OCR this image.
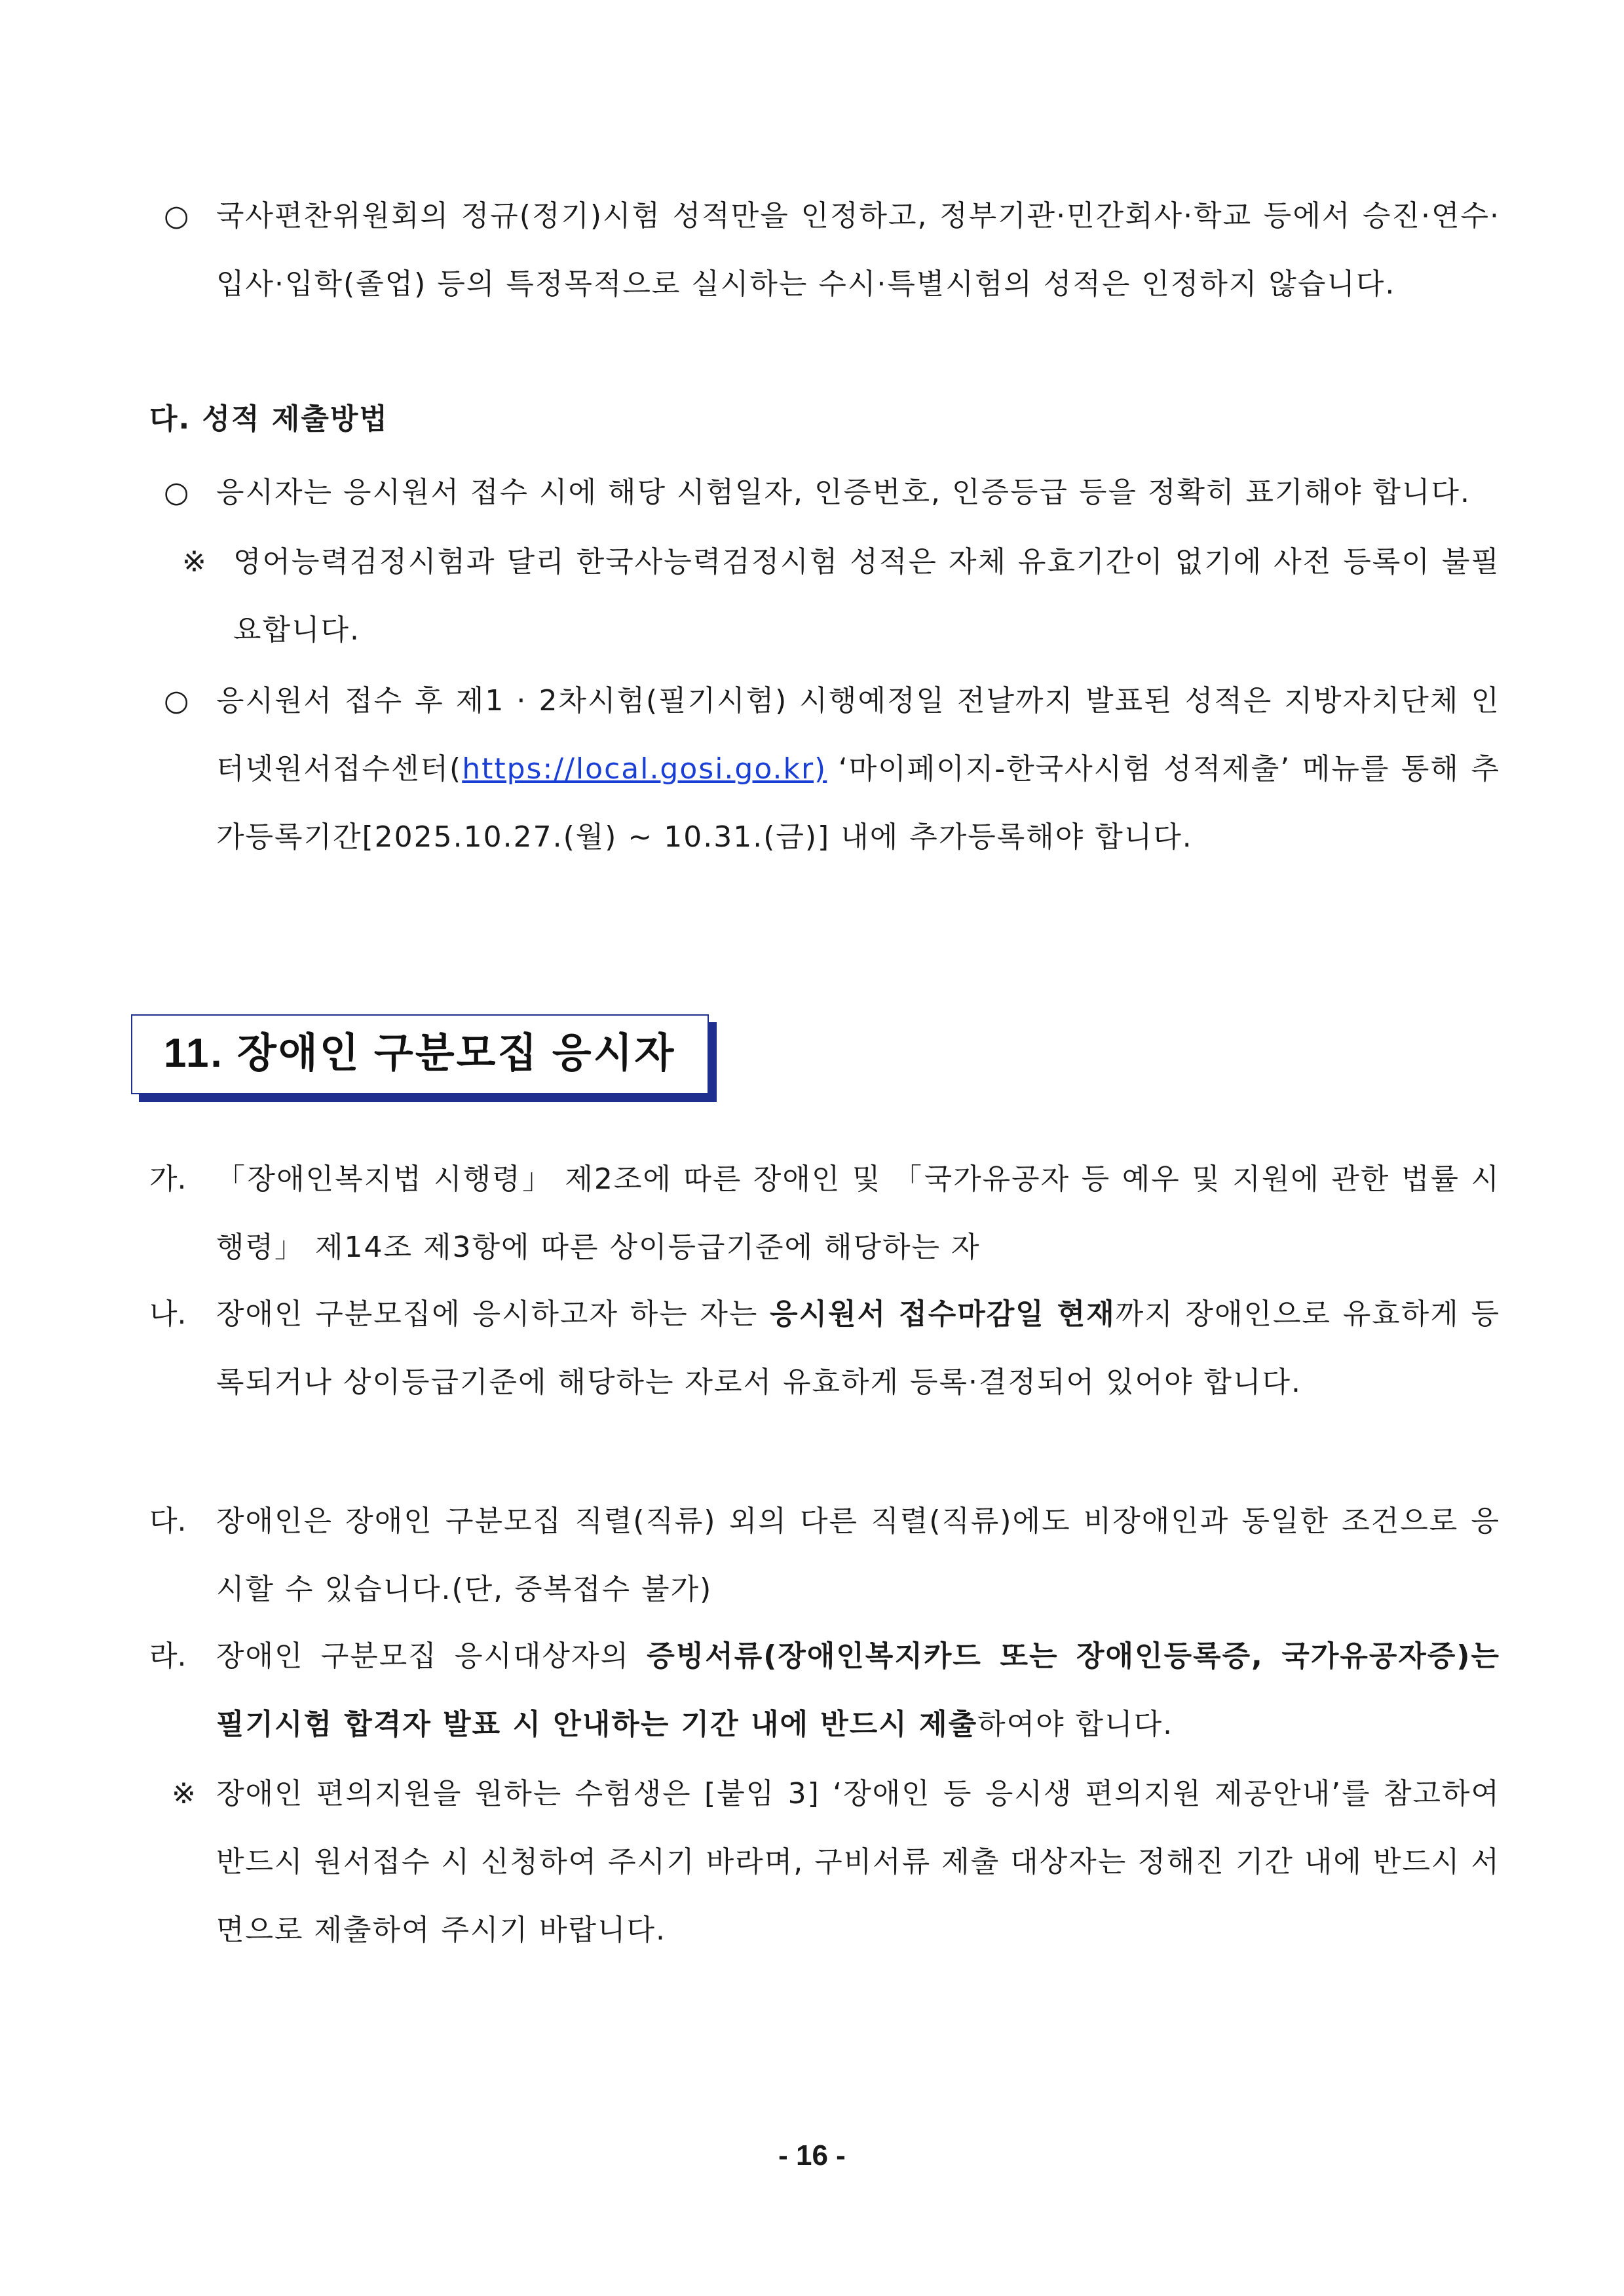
○ 국사편찬위원회의 정규(정기)시험 성적만을 인정하고, 정부기관·민간회사·학교 등에서 승진·연수·입사·입학(졸업) 등의 특정목적으로 실시하는 수시·특별시험의 성적은 인정하지 않습니다.
다. 성적 제출방법
○ 응시자는 응시원서 접수 시에 해당 시험일자, 인증번호, 인증등급 등을 정확히 표기해야 합니다.
※ 영어능력검정시험과 달리 한국사능력검정시험 성적은 자체 유효기간이 없기에 사전 등록이 불필요합니다.
○ 응시원서 접수 후 제1 · 2차시험(필기시험) 시행예정일 전날까지 발표된 성적은 지방자치단체 인터넷원서접수센터(https://local.gosi.go.kr) ‘마이페이지-한국사시험 성적제출’ 메뉴를 통해 추가등록기간[2025.10.27.(월) ~ 10.31.(금)] 내에 추가등록해야 합니다.
11. 장애인 구분모집 응시자
가. 「장애인복지법 시행령」 제2조에 따른 장애인 및 「국가유공자 등 예우 및 지원에 관한 법률 시행령」 제14조 제3항에 따른 상이등급기준에 해당하는 자
나. 장애인 구분모집에 응시하고자 하는 자는 응시원서 접수마감일 현재까지 장애인으로 유효하게 등록되거나 상이등급기준에 해당하는 자로서 유효하게 등록·결정되어 있어야 합니다.
다. 장애인은 장애인 구분모집 직렬(직류) 외의 다른 직렬(직류)에도 비장애인과 동일한 조건으로 응시할 수 있습니다.(단, 중복접수 불가)
라. 장애인 구분모집 응시대상자의 증빙서류(장애인복지카드 또는 장애인등록증, 국가유공자증)는 필기시험 합격자 발표 시 안내하는 기간 내에 반드시 제출하여야 합니다.
※ 장애인 편의지원을 원하는 수험생은 [붙임 3] ‘장애인 등 응시생 편의지원 제공안내’를 참고하여 반드시 원서접수 시 신청하여 주시기 바라며, 구비서류 제출 대상자는 정해진 기간 내에 반드시 서면으로 제출하여 주시기 바랍니다.
- 16 -
